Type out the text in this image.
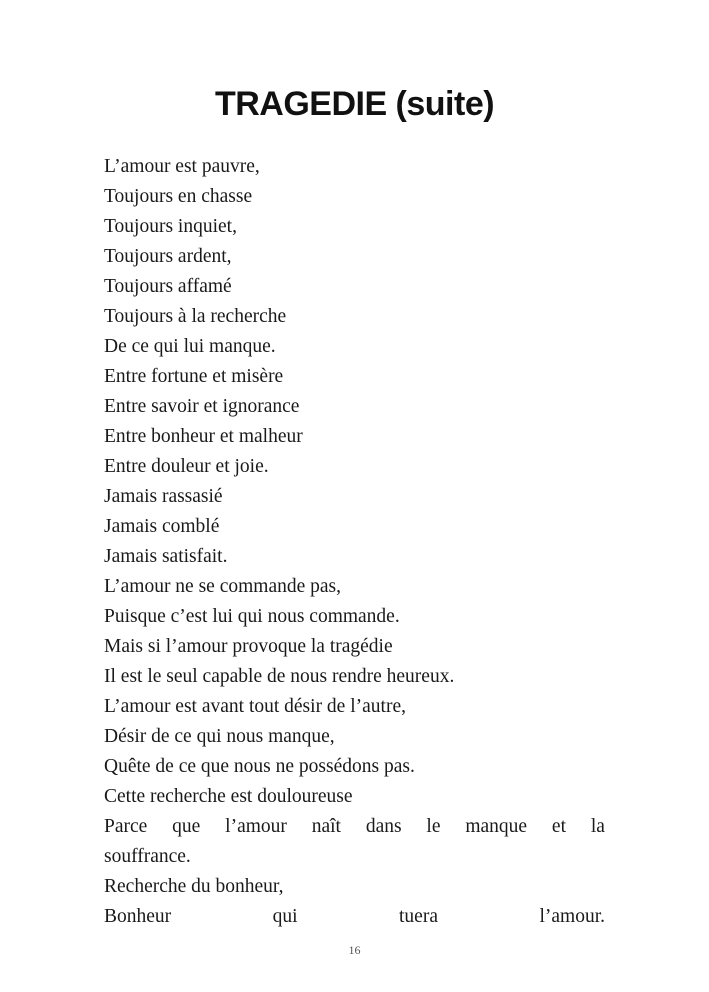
TRAGEDIE (suite)
L’amour est pauvre,
Toujours en chasse
Toujours inquiet,
Toujours ardent,
Toujours affamé
Toujours à la recherche
De ce qui lui manque.
Entre fortune et misère
Entre savoir et ignorance
Entre bonheur et malheur
Entre douleur et joie.
Jamais rassasié
Jamais comblé
Jamais satisfait.
L’amour ne se commande pas,
Puisque c’est lui qui nous commande.
Mais si l’amour provoque la tragédie
Il est le seul capable de nous rendre heureux.
L’amour est avant tout désir de l’autre,
Désir de ce qui nous manque,
Quête de ce que nous ne possédons pas.
Cette recherche est douloureuse
Parce que l’amour naît dans le manque et la
souffrance.
Recherche du bonheur,
Bonheur	qui	tuera	l’amour.
16
